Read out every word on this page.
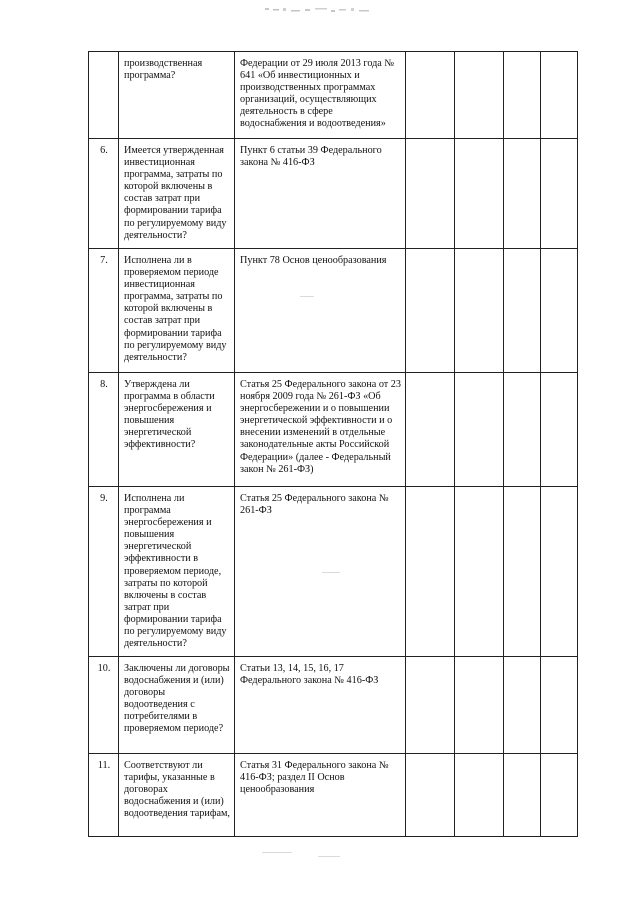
	производственная программа?	Федерации от 29 июля 2013 года № 641 «Об инвестиционных и производственных программах организаций, осуществляющих деятельность в сфере водоснабжения и водоотведения»				
6.	Имеется утвержденная инвестиционная программа, затраты по которой включены в состав затрат при формировании тарифа по регулируемому виду деятельности?	Пункт 6 статьи 39 Федерального закона № 416-ФЗ				
7.	Исполнена ли в проверяемом периоде инвестиционная программа, затраты по которой включены в состав затрат при формировании тарифа по регулируемому виду деятельности?	Пункт 78 Основ ценообразования				
8.	Утверждена ли программа в области энергосбережения и повышения энергетической эффективности?	Статья 25 Федерального закона от 23 ноября 2009 года № 261-ФЗ «Об энергосбережении и о повышении энергетической эффективности и о внесении изменений в отдельные законодательные акты Российской Федерации» (далее - Федеральный закон № 261-ФЗ)				
9.	Исполнена ли программа энергосбережения и повышения энергетической эффективности в проверяемом периоде, затраты по которой включены в состав затрат при формировании тарифа по регулируемому виду деятельности?	Статья 25 Федерального закона № 261-ФЗ				
10.	Заключены ли договоры водоснабжения и (или) договоры водоотведения с потребителями в проверяемом периоде?	Статьи 13, 14, 15, 16, 17 Федерального закона № 416-ФЗ				
11.	Соответствуют ли тарифы, указанные в договорах водоснабжения и (или) водоотведения тарифам,	Статья 31 Федерального закона № 416-ФЗ; раздел II Основ ценообразования				
